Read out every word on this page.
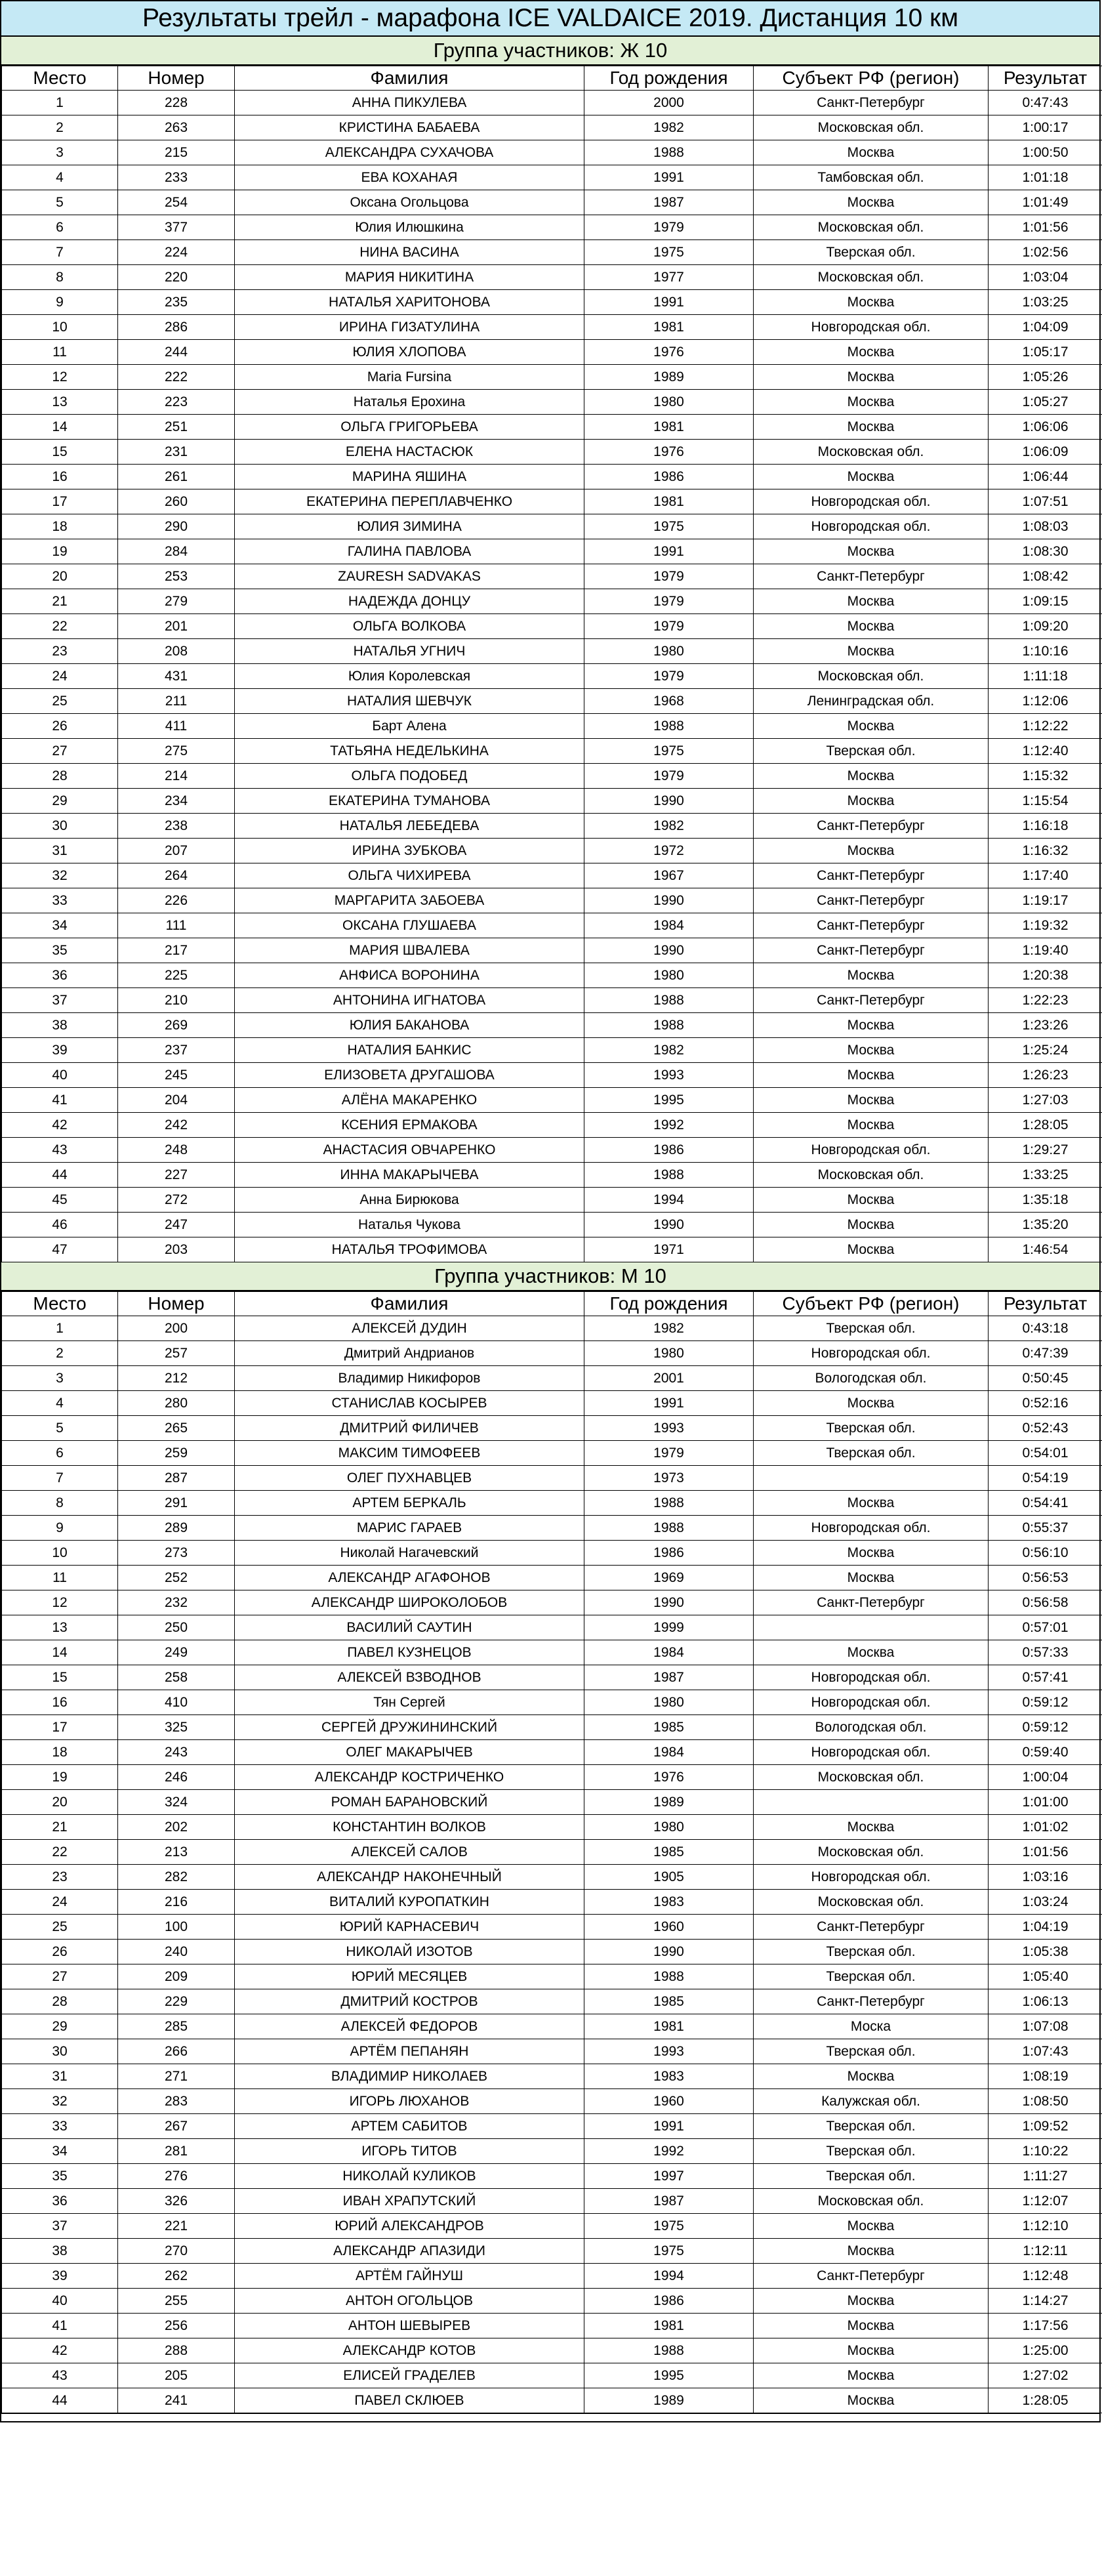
Результаты трейл - марафона ICE VALDAICE 2019. Дистанция 10 км
Группа участников: Ж 10
Место	Номер	Фамилия	Год рождения	Субъект РФ (регион)	Результат
1	228	АННА ПИКУЛЕВА	2000	Санкт-Петербург	0:47:43
2	263	КРИСТИНА БАБАЕВА	1982	Московская обл.	1:00:17
3	215	АЛЕКСАНДРА СУХАЧОВА	1988	Москва	1:00:50
4	233	ЕВА КОХАНАЯ	1991	Тамбовская обл.	1:01:18
5	254	Оксана Огольцова	1987	Москва	1:01:49
6	377	Юлия Илюшкина	1979	Московская обл.	1:01:56
7	224	НИНА ВАСИНА	1975	Тверская обл.	1:02:56
8	220	МАРИЯ НИКИТИНА	1977	Московская обл.	1:03:04
9	235	НАТАЛЬЯ ХАРИТОНОВА	1991	Москва	1:03:25
10	286	ИРИНА ГИЗАТУЛИНА	1981	Новгородская обл.	1:04:09
11	244	ЮЛИЯ ХЛОПОВА	1976	Москва	1:05:17
12	222	Maria Fursina	1989	Москва	1:05:26
13	223	Наталья Ерохина	1980	Москва	1:05:27
14	251	ОЛЬГА ГРИГОРЬЕВА	1981	Москва	1:06:06
15	231	ЕЛЕНА НАСТАСЮК	1976	Московская обл.	1:06:09
16	261	МАРИНА ЯШИНА	1986	Москва	1:06:44
17	260	ЕКАТЕРИНА ПЕРЕПЛАВЧЕНКО	1981	Новгородская обл.	1:07:51
18	290	ЮЛИЯ ЗИМИНА	1975	Новгородская обл.	1:08:03
19	284	ГАЛИНА ПАВЛОВА	1991	Москва	1:08:30
20	253	ZAURESH SADVAKAS	1979	Санкт-Петербург	1:08:42
21	279	НАДЕЖДА ДОНЦУ	1979	Москва	1:09:15
22	201	ОЛЬГА ВОЛКОВА	1979	Москва	1:09:20
23	208	НАТАЛЬЯ УГНИЧ	1980	Москва	1:10:16
24	431	Юлия Королевская	1979	Московская обл.	1:11:18
25	211	НАТАЛИЯ ШЕВЧУК	1968	Ленинградская обл.	1:12:06
26	411	Барт Алена	1988	Москва	1:12:22
27	275	ТАТЬЯНА НЕДЕЛЬКИНА	1975	Тверская обл.	1:12:40
28	214	ОЛЬГА ПОДОБЕД	1979	Москва	1:15:32
29	234	ЕКАТЕРИНА ТУМАНОВА	1990	Москва	1:15:54
30	238	НАТАЛЬЯ ЛЕБЕДЕВА	1982	Санкт-Петербург	1:16:18
31	207	ИРИНА ЗУБКОВА	1972	Москва	1:16:32
32	264	ОЛЬГА ЧИХИРЕВА	1967	Санкт-Петербург	1:17:40
33	226	МАРГАРИТА ЗАБОЕВА	1990	Санкт-Петербург	1:19:17
34	111	ОКСАНА ГЛУШАЕВА	1984	Санкт-Петербург	1:19:32
35	217	МАРИЯ ШВАЛЕВА	1990	Санкт-Петербург	1:19:40
36	225	АНФИСА ВОРОНИНА	1980	Москва	1:20:38
37	210	АНТОНИНА ИГНАТОВА	1988	Санкт-Петербург	1:22:23
38	269	ЮЛИЯ БАКАНОВА	1988	Москва	1:23:26
39	237	НАТАЛИЯ БАНКИС	1982	Москва	1:25:24
40	245	ЕЛИЗОВЕТА ДРУГАШОВА	1993	Москва	1:26:23
41	204	АЛЁНА МАКАРЕНКО	1995	Москва	1:27:03
42	242	КСЕНИЯ ЕРМАКОВА	1992	Москва	1:28:05
43	248	АНАСТАСИЯ ОВЧАРЕНКО	1986	Новгородская обл.	1:29:27
44	227	ИННА МАКАРЫЧЕВА	1988	Московская обл.	1:33:25
45	272	Анна Бирюкова	1994	Москва	1:35:18
46	247	Наталья Чукова	1990	Москва	1:35:20
47	203	НАТАЛЬЯ ТРОФИМОВА	1971	Москва	1:46:54
Группа участников: М 10
Место	Номер	Фамилия	Год рождения	Субъект РФ (регион)	Результат
1	200	АЛЕКСЕЙ ДУДИН	1982	Тверская обл.	0:43:18
2	257	Дмитрий Андрианов	1980	Новгородская обл.	0:47:39
3	212	Владимир Никифоров	2001	Вологодская обл.	0:50:45
4	280	СТАНИСЛАВ КОСЫРЕВ	1991	Москва	0:52:16
5	265	ДМИТРИЙ ФИЛИЧЕВ	1993	Тверская обл.	0:52:43
6	259	МАКСИМ ТИМОФЕЕВ	1979	Тверская обл.	0:54:01
7	287	ОЛЕГ ПУХНАВЦЕВ	1973		0:54:19
8	291	АРТЕМ БЕРКАЛЬ	1988	Москва	0:54:41
9	289	МАРИС ГАРАЕВ	1988	Новгородская обл.	0:55:37
10	273	Николай Нагачевский	1986	Москва	0:56:10
11	252	АЛЕКСАНДР АГАФОНОВ	1969	Москва	0:56:53
12	232	АЛЕКСАНДР ШИРОКОЛОБОВ	1990	Санкт-Петербург	0:56:58
13	250	ВАСИЛИЙ САУТИН	1999		0:57:01
14	249	ПАВЕЛ КУЗНЕЦОВ	1984	Москва	0:57:33
15	258	АЛЕКСЕЙ ВЗВОДНОВ	1987	Новгородская обл.	0:57:41
16	410	Тян Сергей	1980	Новгородская обл.	0:59:12
17	325	СЕРГЕЙ ДРУЖИНИНСКИЙ	1985	Вологодская обл.	0:59:12
18	243	ОЛЕГ МАКАРЫЧЕВ	1984	Новгородская обл.	0:59:40
19	246	АЛЕКСАНДР КОСТРИЧЕНКО	1976	Московская обл.	1:00:04
20	324	РОМАН БАРАНОВСКИЙ	1989		1:01:00
21	202	КОНСТАНТИН ВОЛКОВ	1980	Москва	1:01:02
22	213	АЛЕКСЕЙ САЛОВ	1985	Московская обл.	1:01:56
23	282	АЛЕКСАНДР НАКОНЕЧНЫЙ	1905	Новгородская обл.	1:03:16
24	216	ВИТАЛИЙ КУРОПАТКИН	1983	Московская обл.	1:03:24
25	100	ЮРИЙ КАРНАСЕВИЧ	1960	Санкт-Петербург	1:04:19
26	240	НИКОЛАЙ ИЗОТОВ	1990	Тверская обл.	1:05:38
27	209	ЮРИЙ МЕСЯЦЕВ	1988	Тверская обл.	1:05:40
28	229	ДМИТРИЙ КОСТРОВ	1985	Санкт-Петербург	1:06:13
29	285	АЛЕКСЕЙ ФЕДОРОВ	1981	Моска	1:07:08
30	266	АРТЁМ ПЕПАНЯН	1993	Тверская обл.	1:07:43
31	271	ВЛАДИМИР НИКОЛАЕВ	1983	Москва	1:08:19
32	283	ИГОРЬ ЛЮХАНОВ	1960	Калужская обл.	1:08:50
33	267	АРТЕМ САБИТОВ	1991	Тверская обл.	1:09:52
34	281	ИГОРЬ ТИТОВ	1992	Тверская обл.	1:10:22
35	276	НИКОЛАЙ КУЛИКОВ	1997	Тверская обл.	1:11:27
36	326	ИВАН ХРАПУТСКИЙ	1987	Московская обл.	1:12:07
37	221	ЮРИЙ АЛЕКСАНДРОВ	1975	Москва	1:12:10
38	270	АЛЕКСАНДР АПАЗИДИ	1975	Москва	1:12:11
39	262	АРТЁМ ГАЙНУШ	1994	Санкт-Петербург	1:12:48
40	255	АНТОН ОГОЛЬЦОВ	1986	Москва	1:14:27
41	256	АНТОН ШЕВЫРЕВ	1981	Москва	1:17:56
42	288	АЛЕКСАНДР КОТОВ	1988	Москва	1:25:00
43	205	ЕЛИСЕЙ ГРАДЕЛЕВ	1995	Москва	1:27:02
44	241	ПАВЕЛ СКЛЮЕВ	1989	Москва	1:28:05
